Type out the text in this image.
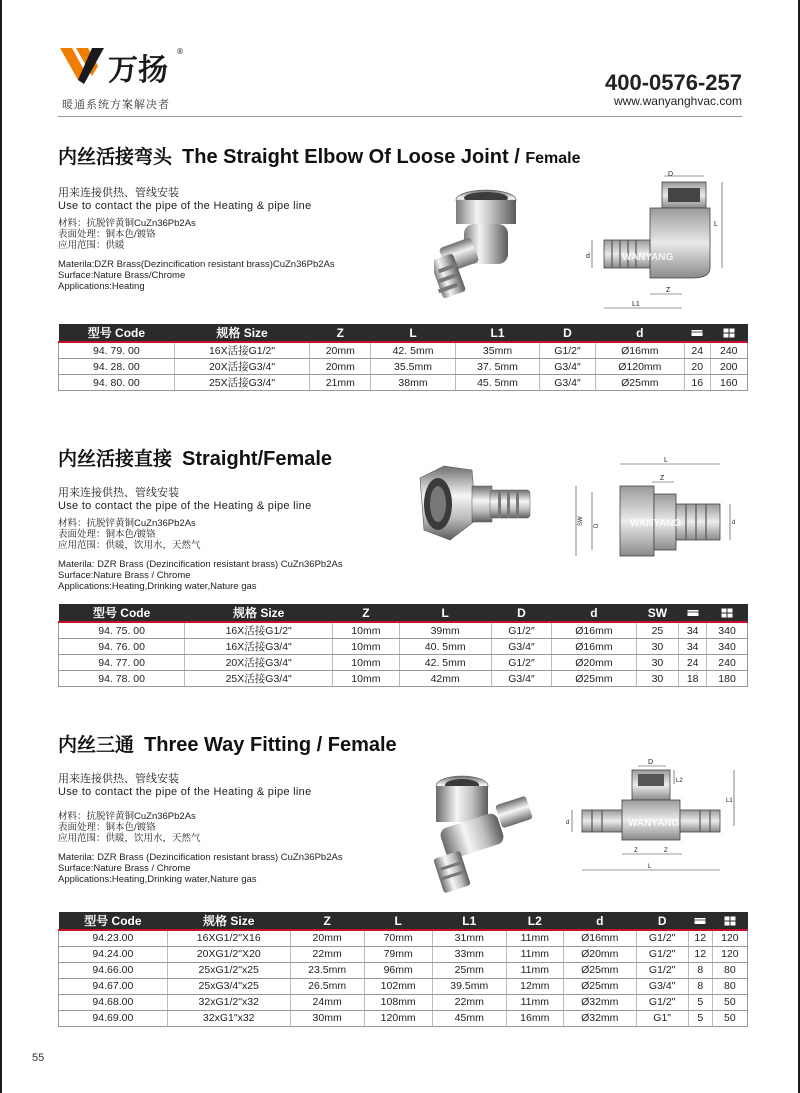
万扬
®
暖通系统方案解决者
400-0576-257
www.wanyanghvac.com
内丝活接弯头 The Straight Elbow Of Loose Joint / Female
用来连接供热、管线安装
Use to contact the pipe of the Heating & pipe line
材料：抗脱锌黄铜CuZn36Pb2As
表面处理：铜本色/镀铬
应用范围：供暖
Materila:DZR Brass(Dezincification resistant brass)CuZn36Pb2As
Surface:Nature Brass/Chrome
Applications:Heating
D
WANYANG
d
L
Z
L1
型号 Code	规格 Size	Z	L	L1	D	d		
94. 79. 00	16X活接G1/2"	20mm	42. 5mm	35mm	G1/2″	Ø16mm	24	240
94. 28. 00	20X活接G3/4"	20mm	35.5mm	37. 5mm	G3/4″	Ø120mm	20	200
94. 80. 00	25X活接G3/4"	21mm	38mm	45. 5mm	G3/4″	Ø25mm	16	160
内丝活接直接 Straight/Female
用来连接供热、管线安装
Use to contact the pipe of the Heating & pipe line
材料：抗脱锌黄铜CuZn36Pb2As
表面处理：铜本色/镀铬
应用范围：供暖，饮用水，天然气
Materila: DZR Brass (Dezincification resistant brass) CuZn36Pb2As
Surface:Nature Brass / Chrome
Applications:Heating,Drinking water,Nature gas
L
Z
WANYANG
SW D	d
型号 Code	规格 Size	Z	L	D	d	SW		
94. 75. 00	16X活接G1/2"	10mm	39mm	G1/2″	Ø16mm	25	34	340
94. 76. 00	16X活接G3/4"	10mm	40. 5mm	G3/4″	Ø16mm	30	34	340
94. 77. 00	20X活接G3/4"	10mm	42. 5mm	G1/2″	Ø20mm	30	24	240
94. 78. 00	25X活接G3/4"	10mm	42mm	G3/4″	Ø25mm	30	18	180
内丝三通 Three Way Fitting / Female
用来连接供热、管线安装
Use to contact the pipe of the Heating & pipe line
材料：抗脱锌黄铜CuZn36Pb2As
表面处理：铜本色/镀铬
应用范围：供暖，饮用水，天然气
Materila: DZR Brass (Dezincification resistant brass) CuZn36Pb2As
Surface:Nature Brass / Chrome
Applications:Heating,Drinking water,Nature gas
D
L2
L1
WANYANG
d
Z	Z
L
型号 Code	规格 Size	Z	L	L1	L2	d	D		
94.23.00	16XG1/2"X16	20mm	70mm	31mm	11mm	Ø16mm	G1/2"	12	120
94.24.00	20XG1/2"X20	22mm	79mm	33mm	11mm	Ø20mm	G1/2"	12	120
94.66.00	25xG1/2"x25	23.5mm	96mm	25mm	11mm	Ø25mm	G1/2"	8	80
94.67.00	25xG3/4"x25	26.5mm	102mm	39.5mm	12mm	Ø25mm	G3/4"	8	80
94.68.00	32xG1/2"x32	24mm	108mm	22mm	11mm	Ø32mm	G1/2"	5	50
94.69.00	32xG1"x32	30mm	120mm	45mm	16mm	Ø32mm	G1"	5	50
55
